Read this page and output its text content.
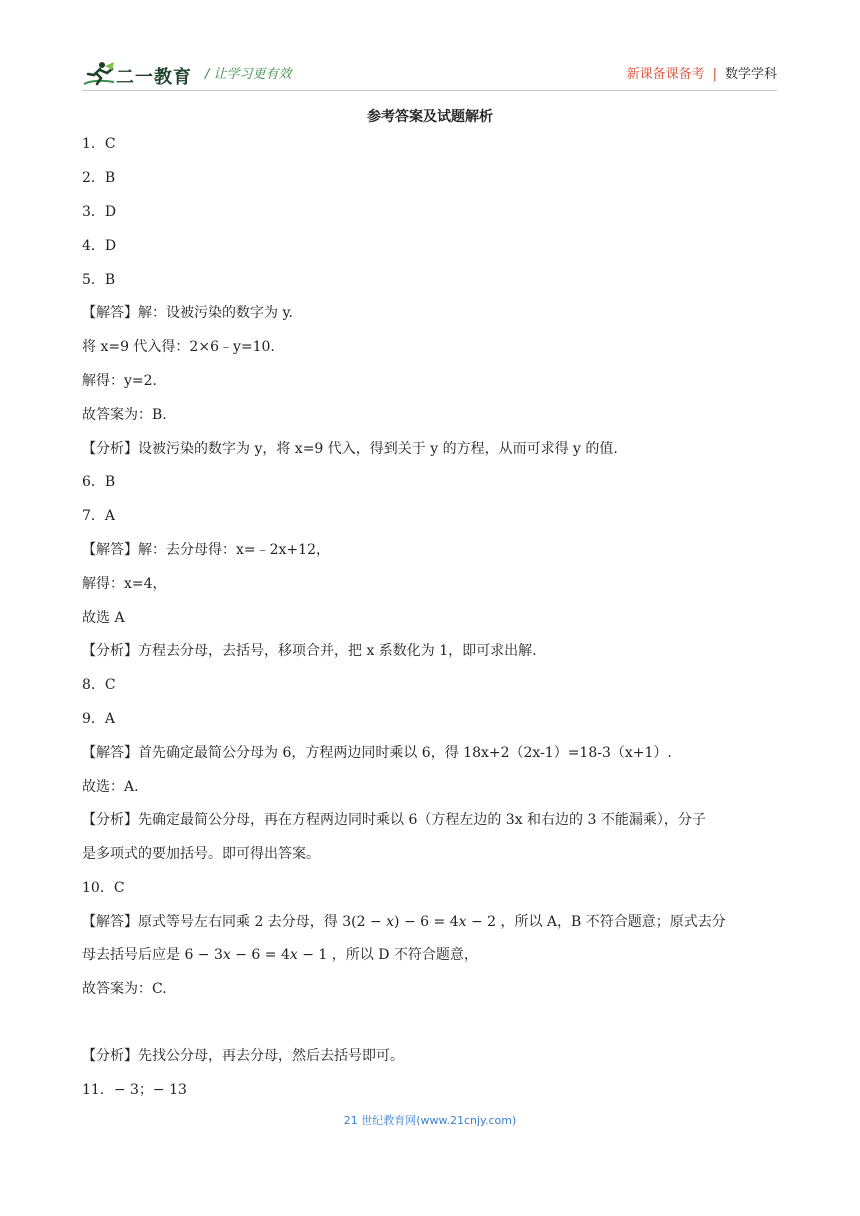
二一教育 / 让学习更有效	新课备课备考 | 数学学科
参考答案及试题解析
1．C
2．B
3．D
4．D
5．B
【解答】解：设被污染的数字为 y.
将 x=9 代入得：2×6﹣y=10.
解得：y=2.
故答案为：B.
【分析】设被污染的数字为 y，将 x=9 代入，得到关于 y 的方程，从而可求得 y 的值.
6．B
7．A
【解答】解：去分母得：x=﹣2x+12，
解得：x=4，
故选 A
【分析】方程去分母，去括号，移项合并，把 x 系数化为 1，即可求出解.
8．C
9．A
【解答】首先确定最简公分母为 6，方程两边同时乘以 6，得 18x+2（2x-1）=18-3（x+1）.
故选：A.
【分析】先确定最简公分母，再在方程两边同时乘以 6（方程左边的 3x 和右边的 3 不能漏乘），分子
是多项式的要加括号。即可得出答案。
10．C
【解答】原式等号左右同乘 2 去分母，得 3(2 − 𝑥) − 6 = 4𝑥 − 2 ，所以 A，B 不符合题意；原式去分
母去括号后应是 6 − 3𝑥 − 6 = 4𝑥 − 1 ，所以 D 不符合题意，
故答案为：C.
【分析】先找公分母，再去分母，然后去括号即可。
11．− 3；− 13
21 世纪教育网(www.21cnjy.com)
